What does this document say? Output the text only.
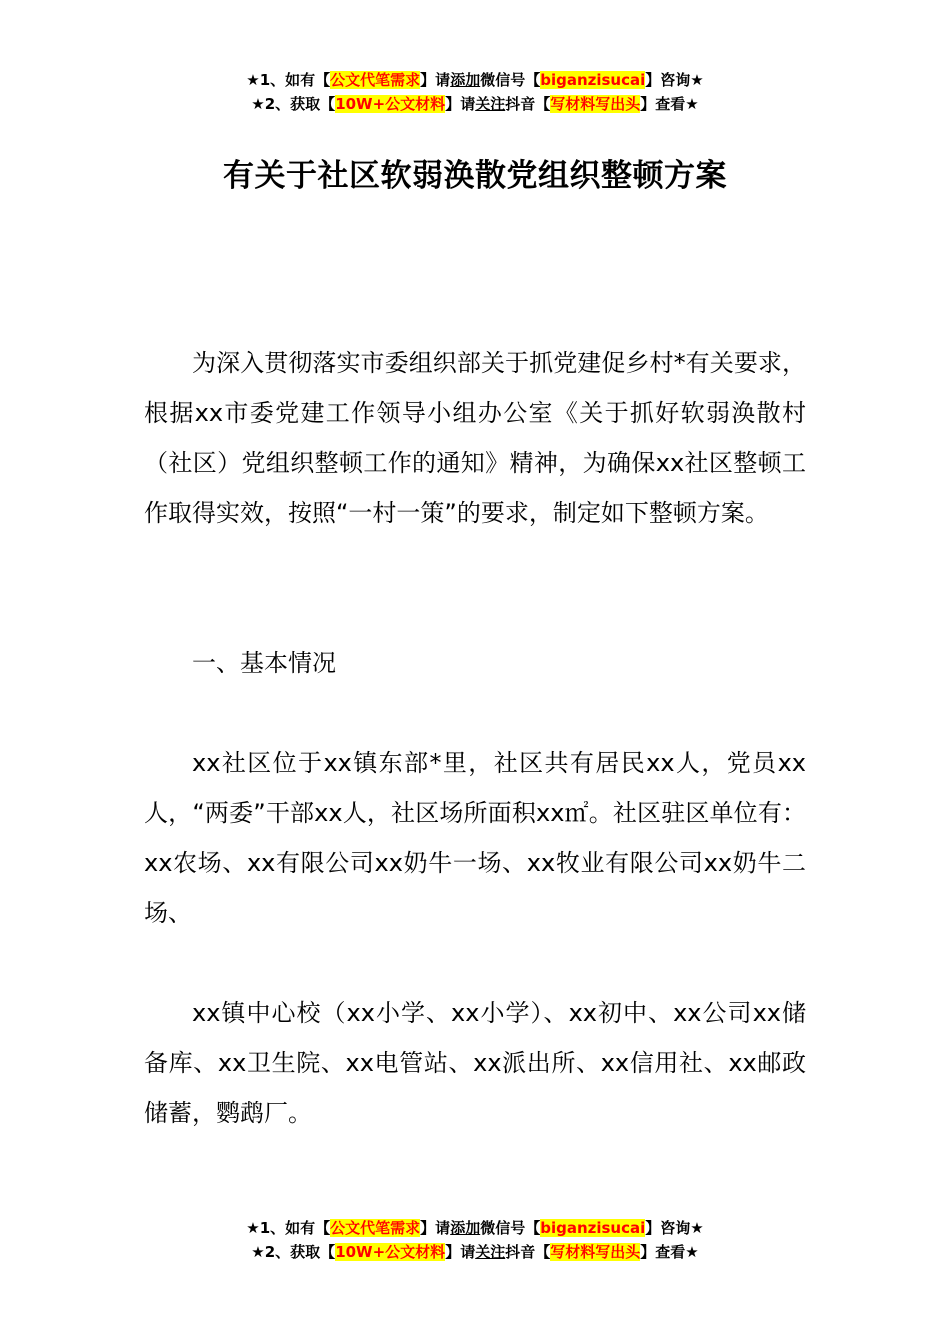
★1、如有【公文代笔需求】请添加微信号【biganzisucai】咨询★
★2、获取【10W+公文材料】请关注抖音【写材料写出头】查看★
有关于社区软弱涣散党组织整顿方案

为深入贯彻落实市委组织部关于抓党建促乡村*有关要求，根据xx市委党建工作领导小组办公室《关于抓好软弱涣散村（社区）党组织整顿工作的通知》精神，为确保xx社区整顿工作取得实效，按照“一村一策”的要求，制定如下整顿方案。

一、基本情况

xx社区位于xx镇东部*里，社区共有居民xx人，党员xx人，“两委”干部xx人，社区场所面积xx㎡。社区驻区单位有：xx农场、xx有限公司xx奶牛一场、xx牧业有限公司xx奶牛二场、

xx镇中心校（xx小学、xx小学）、xx初中、xx公司xx储备库、xx卫生院、xx电管站、xx派出所、xx信用社、xx邮政储蓄，鹦鹉厂。

★1、如有【公文代笔需求】请添加微信号【biganzisucai】咨询★
★2、获取【10W+公文材料】请关注抖音【写材料写出头】查看★
